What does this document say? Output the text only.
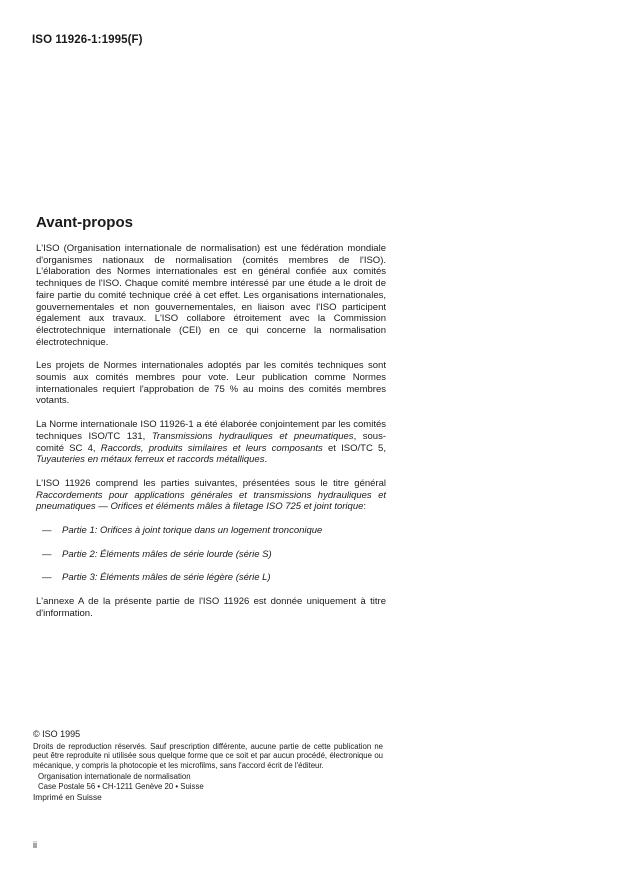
ISO 11926-1:1995(F)
Avant-propos

L'ISO (Organisation internationale de normalisation) est une fédération mondiale d'organismes nationaux de normalisation (comités membres de l'ISO). L'élaboration des Normes internationales est en général confiée aux comités techniques de l'ISO. Chaque comité membre intéressé par une étude a le droit de faire partie du comité technique créé à cet effet. Les organisations internationales, gouvernementales et non gouvernementales, en liaison avec l'ISO participent également aux travaux. L'ISO collabore étroitement avec la Commission électrotechnique internationale (CEI) en ce qui concerne la normalisation électrotechnique.

Les projets de Normes internationales adoptés par les comités techniques sont soumis aux comités membres pour vote. Leur publication comme Normes internationales requiert l'approbation de 75 % au moins des comités membres votants.

La Norme internationale ISO 11926-1 a été élaborée conjointement par les comités techniques ISO/TC 131, Transmissions hydrauliques et pneumatiques, sous-comité SC 4, Raccords, produits similaires et leurs composants et ISO/TC 5, Tuyauteries en métaux ferreux et raccords métalliques.

L'ISO 11926 comprend les parties suivantes, présentées sous le titre général Raccordements pour applications générales et transmissions hydrauliques et pneumatiques — Orifices et éléments mâles à filetage ISO 725 et joint torique:

— Partie 1: Orifices à joint torique dans un logement tronconique
— Partie 2: Éléments mâles de série lourde (série S)
— Partie 3: Éléments mâles de série légère (série L)

L'annexe A de la présente partie de l'ISO 11926 est donnée uniquement à titre d'information.

© ISO 1995
Droits de reproduction réservés. Sauf prescription différente, aucune partie de cette publication ne peut être reproduite ni utilisée sous quelque forme que ce soit et par aucun procédé, électronique ou mécanique, y compris la photocopie et les microfilms, sans l'accord écrit de l'éditeur.
Organisation internationale de normalisation
Case Postale 56 • CH-1211 Genève 20 • Suisse
Imprimé en Suisse
ii
